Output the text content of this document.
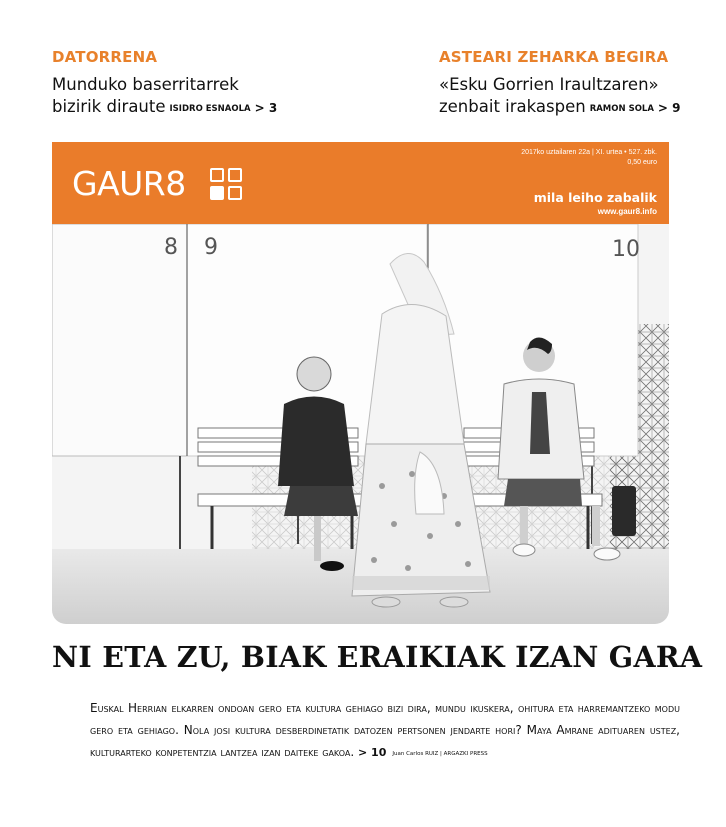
DATORRENA
Munduko baserritarrek
bizirik diraute ISIDRO ESNAOLA > 3
ASTEARI ZEHARKA BEGIRA
«Esku Gorrien Iraultzaren»
zenbait irakaspen RAMON SOLA > 9
GAUR8
2017ko uztailaren 22a | XI. urtea • 527. zbk.
0,50 euro
mila leiho zabalik
www.gaur8.info
8 9	10
NI ETA ZU, BIAK ERAIKIAK IZAN GARA
Euskal Herrian elkarren ondoan gero eta kultura gehiago bizi dira, mundu ikuskera, ohitura eta harremantzeko modu gero eta gehiago. Nola josi kultura desberdinetatik datozen pertsonen jendarte hori? Maya Amrane adituaren ustez, kulturarteko konpetentzia lantzea izan daiteke gakoa. > 10 Juan Carlos RUIZ | ARGAZKI PRESS
